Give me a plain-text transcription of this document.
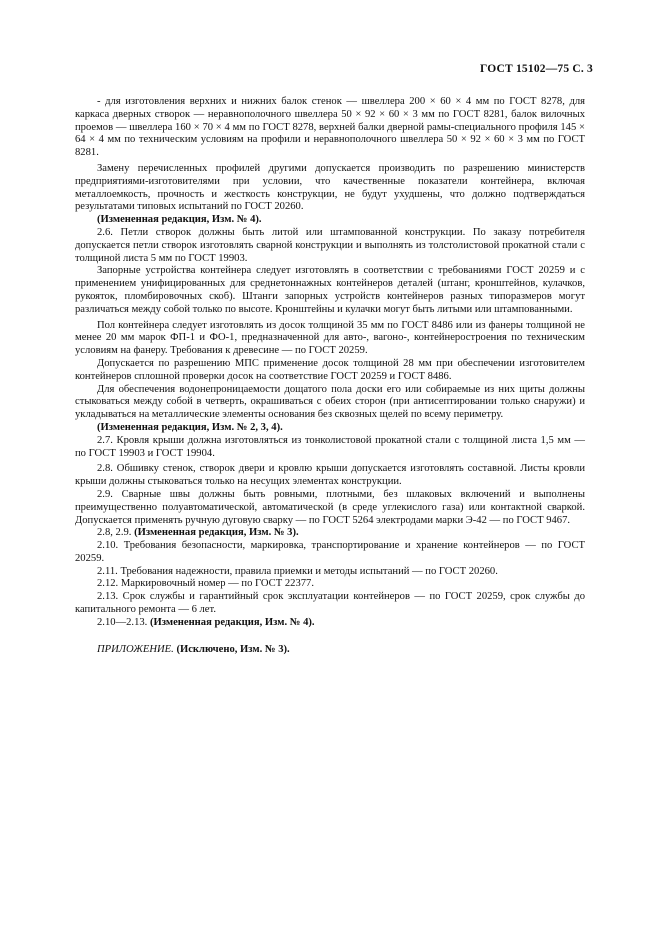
ГОСТ 15102—75 С. 3

- для изготовления верхних и нижних балок стенок — швеллера 200 × 60 × 4 мм по ГОСТ 8278, для каркаса дверных створок — неравнополочного швеллера 50 × 92 × 60 × 3 мм по ГОСТ 8281, балок вилочных проемов — швеллера 160 × 70 × 4 мм по ГОСТ 8278, верхней балки дверной рамы-специального профиля 145 × 64 × 4 мм по техническим условиям на профили и неравнополочного швеллера 50 × 92 × 60 × 3 мм по ГОСТ 8281.

Замену перечисленных профилей другими допускается производить по разрешению министерств предприятиями-изготовителями при условии, что качественные показатели контейнера, включая металлоемкость, прочность и жесткость конструкции, не будут ухудшены, что должно подтверждаться результатами типовых испытаний по ГОСТ 20260.

(Измененная редакция, Изм. № 4).

2.6. Петли створок должны быть литой или штампованной конструкции. По заказу потребителя допускается петли створок изготовлять сварной конструкции и выполнять из толстолистовой прокатной стали с толщиной листа 5 мм по ГОСТ 19903.

Запорные устройства контейнера следует изготовлять в соответствии с требованиями ГОСТ 20259 и с применением унифицированных для среднетоннажных контейнеров деталей (штанг, кронштейнов, кулачков, рукояток, пломбировочных скоб). Штанги запорных устройств контейнеров разных типоразмеров могут различаться между собой только по высоте. Кронштейны и кулачки могут быть литыми или штампованными.

Пол контейнера следует изготовлять из досок толщиной 35 мм по ГОСТ 8486 или из фанеры толщиной не менее 20 мм марок ФП-1 и ФО-1, предназначенной для авто-, вагоно-, контейнеростроения по техническим условиям на фанеру. Требования к древесине — по ГОСТ 20259.

Допускается по разрешению МПС применение досок толщиной 28 мм при обеспечении изготовителем контейнеров сплошной проверки досок на соответствие ГОСТ 20259 и ГОСТ 8486.

Для обеспечения водонепроницаемости дощатого пола доски его или собираемые из них щиты должны стыковаться между собой в четверть, окрашиваться с обеих сторон (при антисептировании только снаружи) и укладываться на металлические элементы основания без сквозных щелей по всему периметру.

(Измененная редакция, Изм. № 2, 3, 4).

2.7. Кровля крыши должна изготовляться из тонколистовой прокатной стали с толщиной листа 1,5 мм — по ГОСТ 19903 и ГОСТ 19904.

2.8. Обшивку стенок, створок двери и кровлю крыши допускается изготовлять составной. Листы кровли крыши должны стыковаться только на несущих элементах конструкции.

2.9. Сварные швы должны быть ровными, плотными, без шлаковых включений и выполнены преимущественно полуавтоматической, автоматической (в среде углекислого газа) или контактной сваркой. Допускается применять ручную дуговую сварку — по ГОСТ 5264 электродами марки Э-42 — по ГОСТ 9467.

2.8, 2.9. (Измененная редакция, Изм. № 3).

2.10. Требования безопасности, маркировка, транспортирование и хранение контейнеров — по ГОСТ 20259.

2.11. Требования надежности, правила приемки и методы испытаний — по ГОСТ 20260.

2.12. Маркировочный номер — по ГОСТ 22377.

2.13. Срок службы и гарантийный срок эксплуатации контейнеров — по ГОСТ 20259, срок службы до капитального ремонта — 6 лет.

2.10—2.13. (Измененная редакция, Изм. № 4).

ПРИЛОЖЕНИЕ. (Исключено, Изм. № 3).
